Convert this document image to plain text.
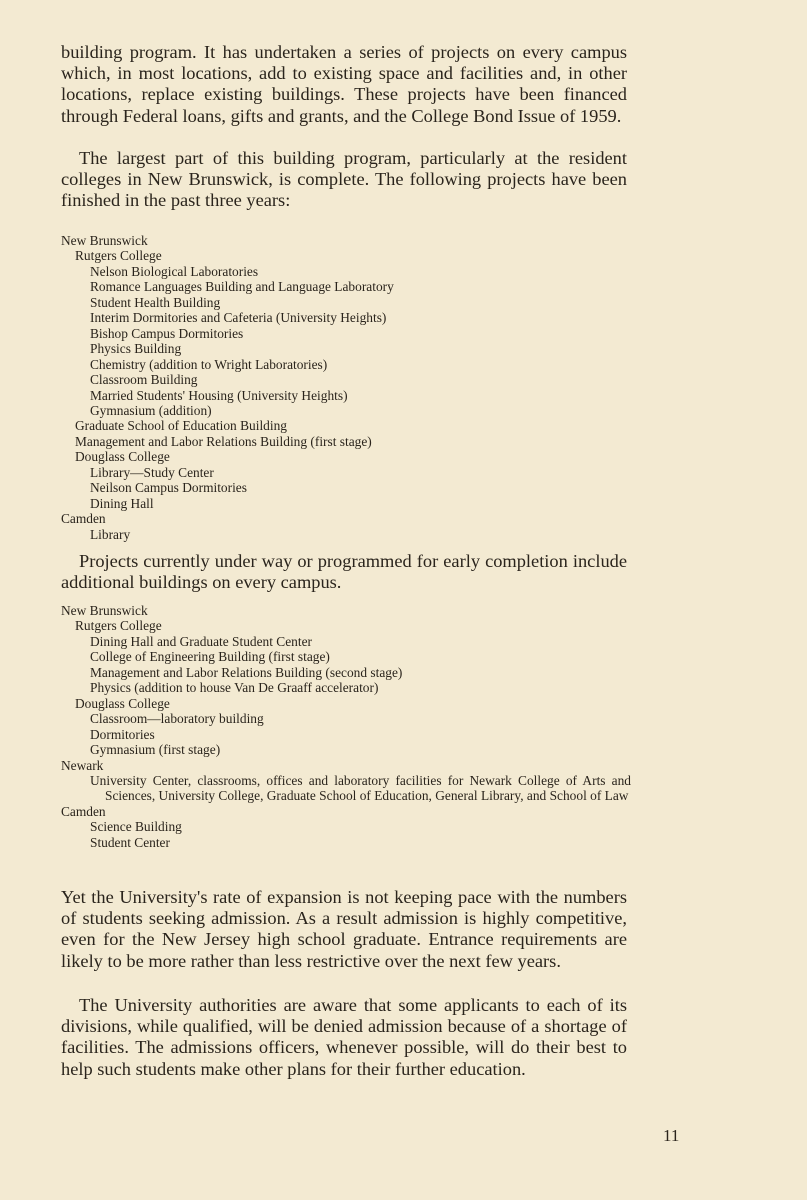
building program. It has undertaken a series of projects on every campus which, in most locations, add to existing space and facilities and, in other locations, replace existing buildings. These projects have been financed through Federal loans, gifts and grants, and the College Bond Issue of 1959.

The largest part of this building program, particularly at the resident colleges in New Brunswick, is complete. The following projects have been finished in the past three years:

New Brunswick
Rutgers College
Nelson Biological Laboratories
Romance Languages Building and Language Laboratory
Student Health Building
Interim Dormitories and Cafeteria (University Heights)
Bishop Campus Dormitories
Physics Building
Chemistry (addition to Wright Laboratories)
Classroom Building
Married Students' Housing (University Heights)
Gymnasium (addition)
Graduate School of Education Building
Management and Labor Relations Building (first stage)
Douglass College
Library—Study Center
Neilson Campus Dormitories
Dining Hall
Camden
Library

Projects currently under way or programmed for early completion include additional buildings on every campus.

New Brunswick
Rutgers College
Dining Hall and Graduate Student Center
College of Engineering Building (first stage)
Management and Labor Relations Building (second stage)
Physics (addition to house Van De Graaff accelerator)
Douglass College
Classroom—laboratory building
Dormitories
Gymnasium (first stage)
Newark
University Center, classrooms, offices and laboratory facilities for Newark College of Arts and Sciences, University College, Graduate School of Education, General Library, and School of Law
Camden
Science Building
Student Center

Yet the University's rate of expansion is not keeping pace with the numbers of students seeking admission. As a result admission is highly competitive, even for the New Jersey high school graduate. Entrance requirements are likely to be more rather than less restrictive over the next few years.

The University authorities are aware that some applicants to each of its divisions, while qualified, will be denied admission because of a shortage of facilities. The admissions officers, whenever possible, will do their best to help such students make other plans for their further education.

11
